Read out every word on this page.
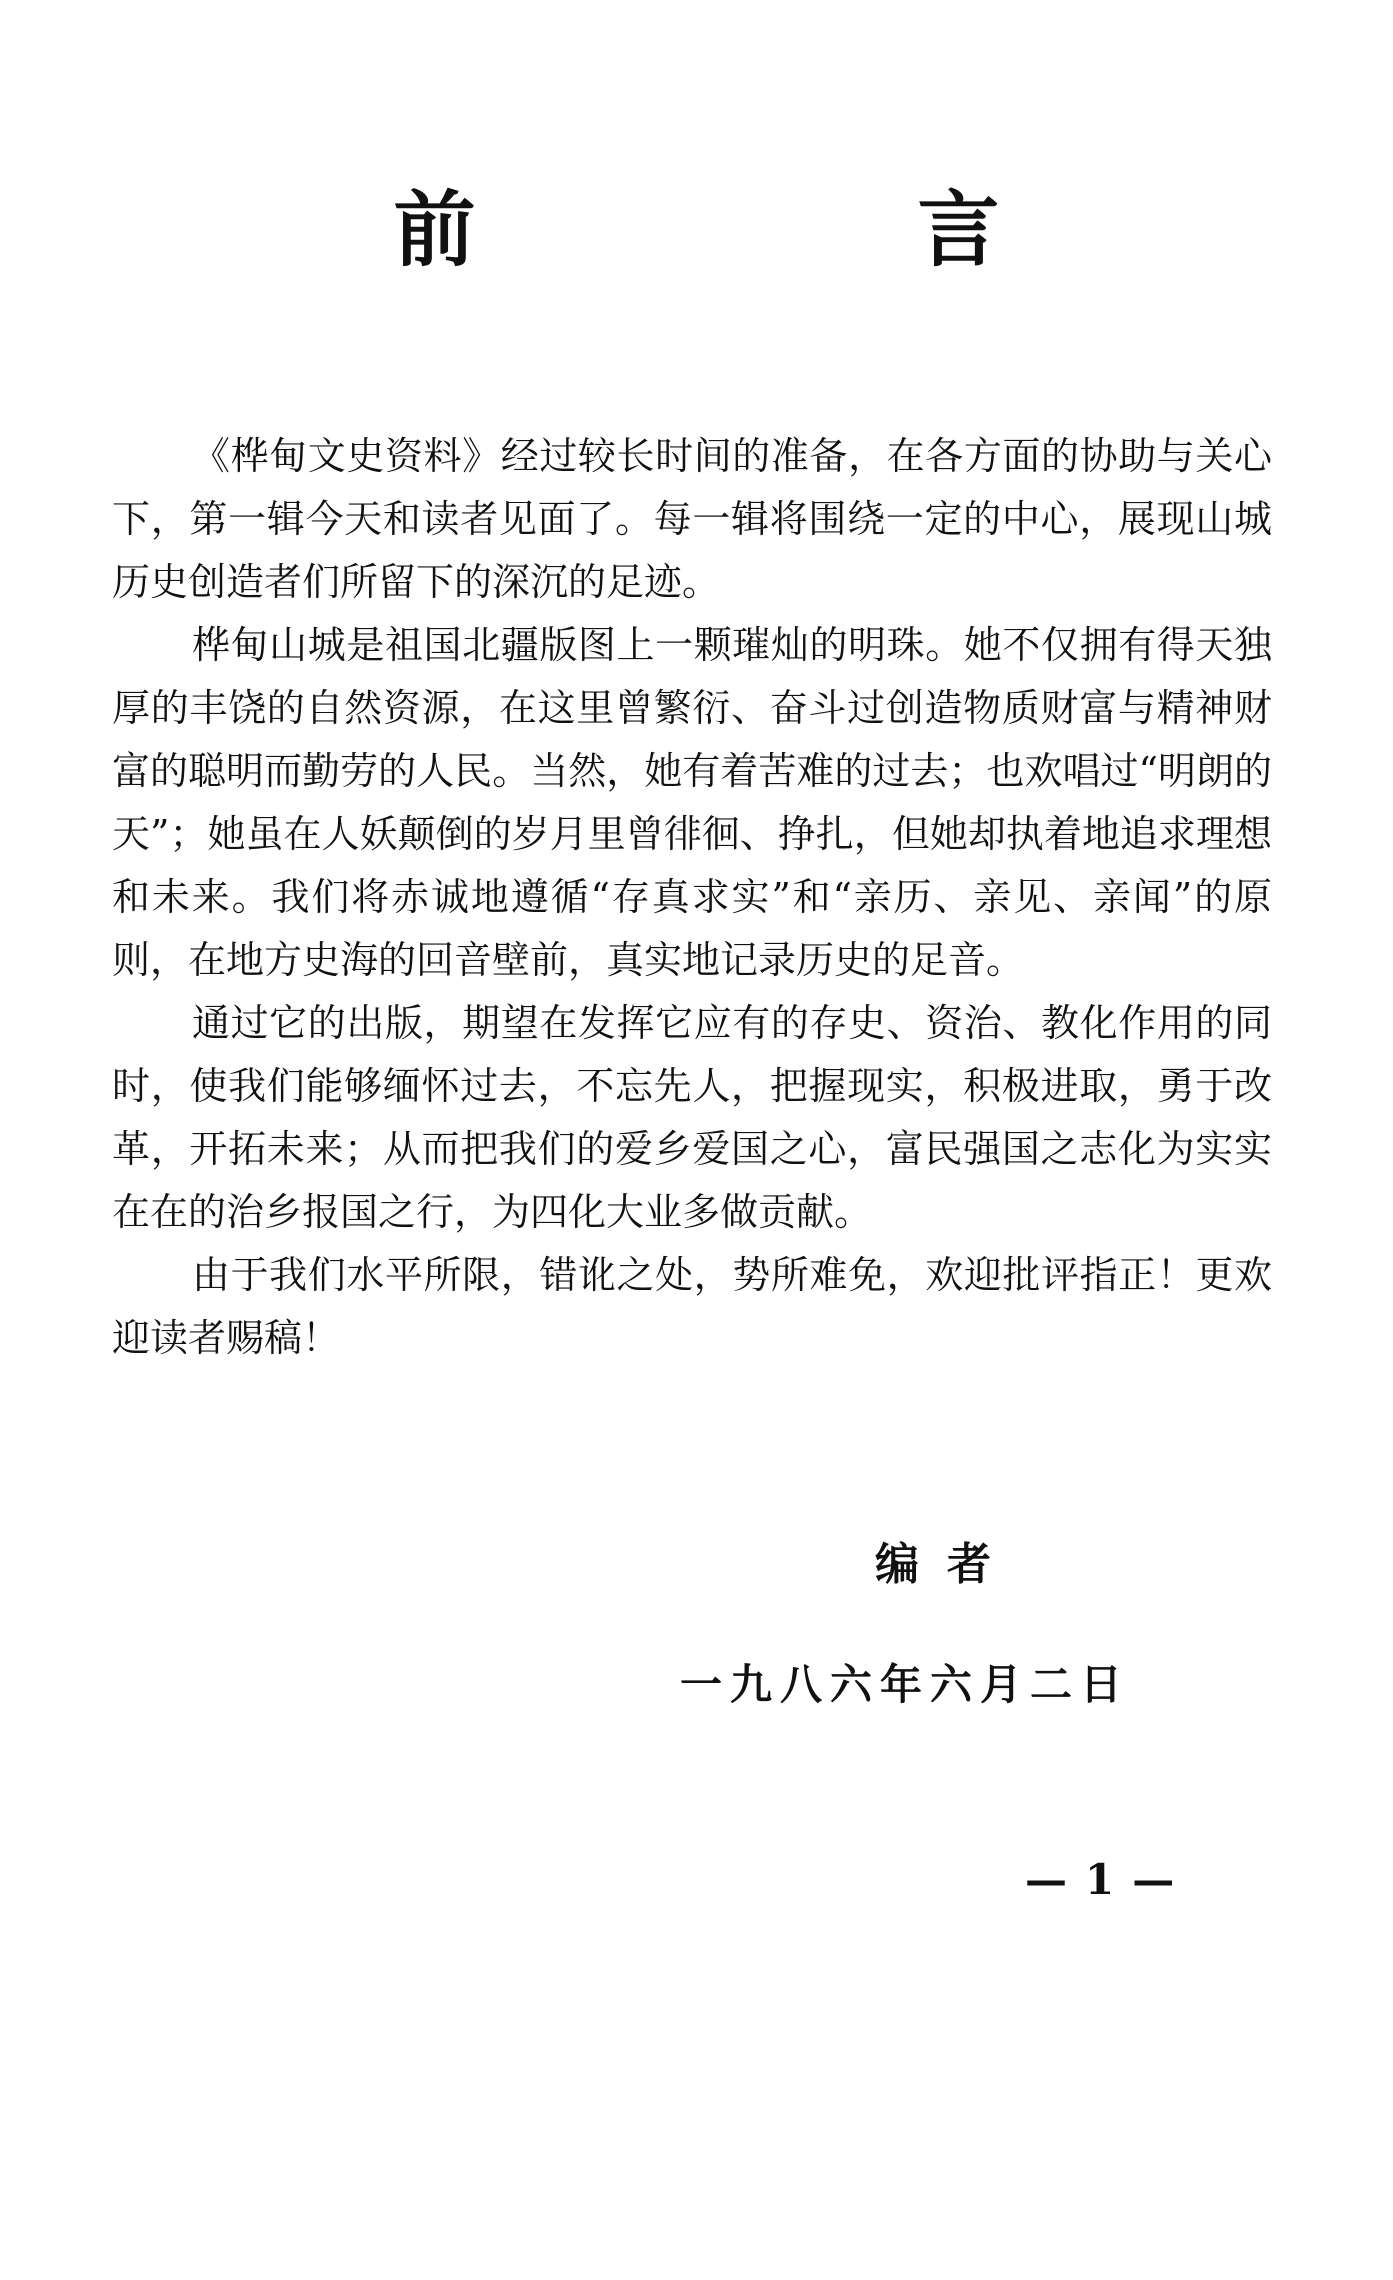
前　言

《桦甸文史资料》经过较长时间的准备，在各方面的协助与关心下，第一辑今天和读者见面了。每一辑将围绕一定的中心，展现山城历史创造者们所留下的深沉的足迹。

桦甸山城是祖国北疆版图上一颗璀灿的明珠。她不仅拥有得天独厚的丰饶的自然资源，在这里曾繁衍、奋斗过创造物质财富与精神财富的聪明而勤劳的人民。当然，她有着苦难的过去；也欢唱过“明朗的天”；她虽在人妖颠倒的岁月里曾徘徊、挣扎，但她却执着地追求理想和未来。我们将赤诚地遵循“存真求实”和“亲历、亲见、亲闻”的原则，在地方史海的回音壁前，真实地记录历史的足音。

通过它的出版，期望在发挥它应有的存史、资治、教化作用的同时，使我们能够缅怀过去，不忘先人，把握现实，积极进取，勇于改革，开拓未来；从而把我们的爱乡爱国之心，富民强国之志化为实实在在的治乡报国之行，为四化大业多做贡献。

由于我们水平所限，错讹之处，势所难免，欢迎批评指正！更欢迎读者赐稿！

编者
一九八六年六月二日
—1—
